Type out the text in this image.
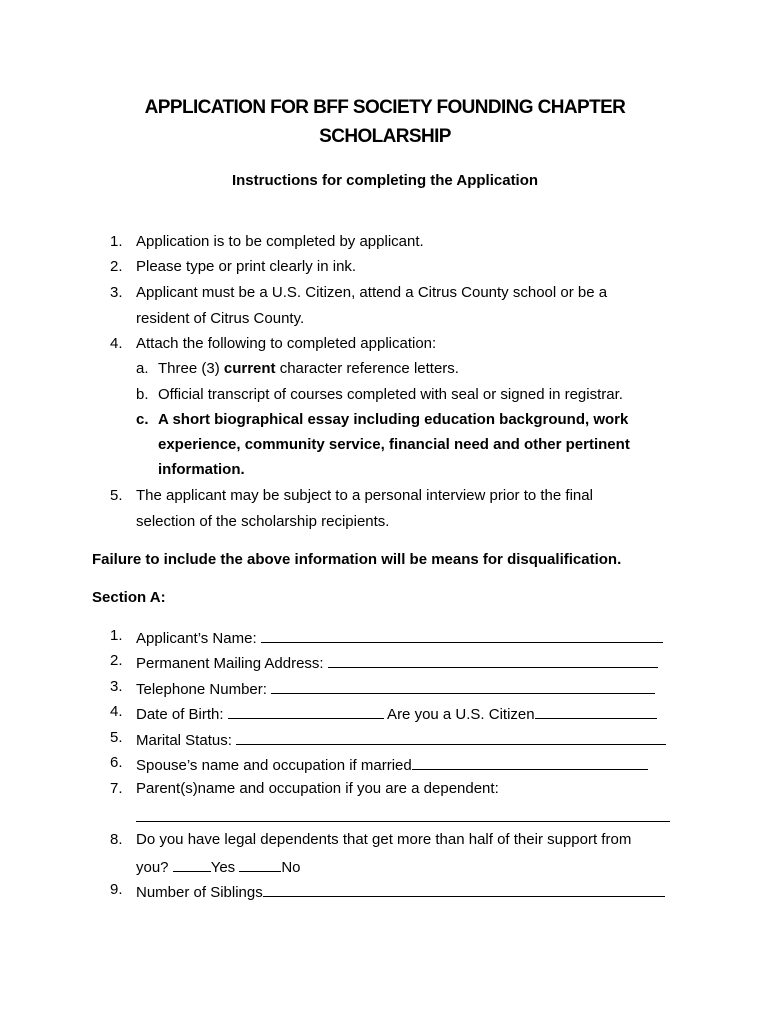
APPLICATION FOR BFF SOCIETY FOUNDING CHAPTER
SCHOLARSHIP
Instructions for completing the Application
1. Application is to be completed by applicant.
2. Please type or print clearly in ink.
3. Applicant must be a U.S. Citizen, attend a Citrus County school or be a
resident of Citrus County.
4. Attach the following to completed application:
a. Three (3) current character reference letters.
b. Official transcript of courses completed with seal or signed in registrar.
c. A short biographical essay including education background, work
experience, community service, financial need and other pertinent
information.
5. The applicant may be subject to a personal interview prior to the final
selection of the scholarship recipients.
Failure to include the above information will be means for disqualification.
Section A:
1. Applicant’s Name:
2. Permanent Mailing Address:
3. Telephone Number:
4. Date of Birth:	Are you a U.S. Citizen
5. Marital Status:
6. Spouse’s name and occupation if married
7. Parent(s)name and occupation if you are a dependent:
8. Do you have legal dependents that get more than half of their support from
you?	Yes	No
9. Number of Siblings
